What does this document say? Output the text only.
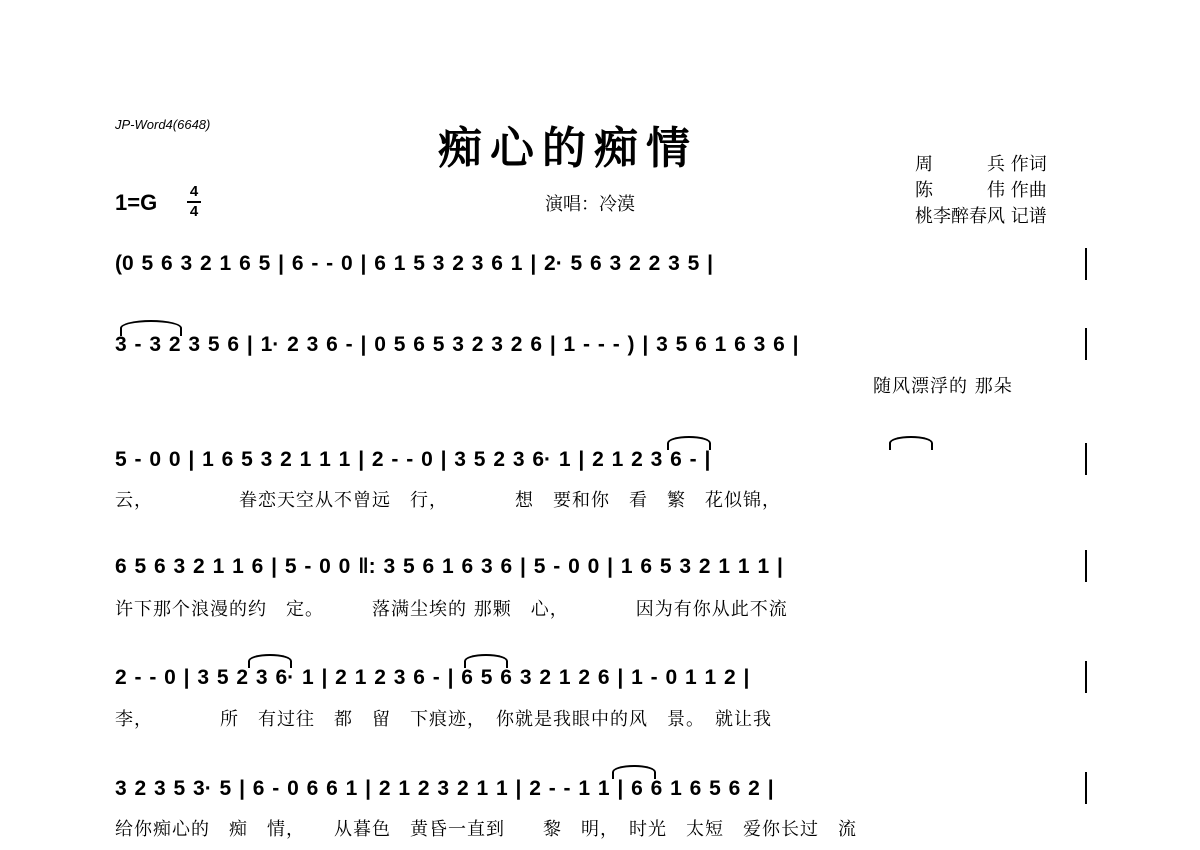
JP-Word4(6648)	痴心的痴情	周　　　兵 作词
陈　　　伟 作曲
桃李醉春风 记谱
1=G 4
4	演唱：冷漠
(0 5 6 3 2 1 6 5 | 6 - - 0 | 6 1 5 3 2 3 6 1 | 2· 5 6 3 2 2 3 5 |
3 - 3 2 3 5 6 | 1· 2 3 6 - | 0 5 6 5 3 2 3 2 6 | 1 - - - ) | 3 5 6 1 6 3 6 |
随风漂浮的 那朵
5 - 0 0 | 1 6 5 3 2 1 1 1 | 2 - - 0 | 3 5 2 3 6· 1 | 2 1 2 3 6 - |
云，　　　　　眷恋天空从不曾远　行，　　　　想　要和你　看　繁　花似锦，
6 5 6 3 2 1 1 6 | 5 - 0 0 ‖: 3 5 6 1 6 3 6 | 5 - 0 0 | 1 6 5 3 2 1 1 1 |
许下那个浪漫的约　定。　　　落满尘埃的 那颗　心，　　　　因为有你从此不流
2 - - 0 | 3 5 2 3 6· 1 | 2 1 2 3 6 - | 6 5 6 3 2 1 2 6 | 1 - 0 1 1 2 |
李，　　　　所　有过往　都　留　下痕迹，　你就是我眼中的风　景。　就让我
3 2 3 5 3· 5 | 6 - 0 6 6 1 | 2 1 2 3 2 1 1 | 2 - - 1 1 | 6 6 1 6 5 6 2 |
给你痴心的　痴　情，　　从暮色　黄昏一直到　　黎　明，　时光　太短　爱你长过　流
